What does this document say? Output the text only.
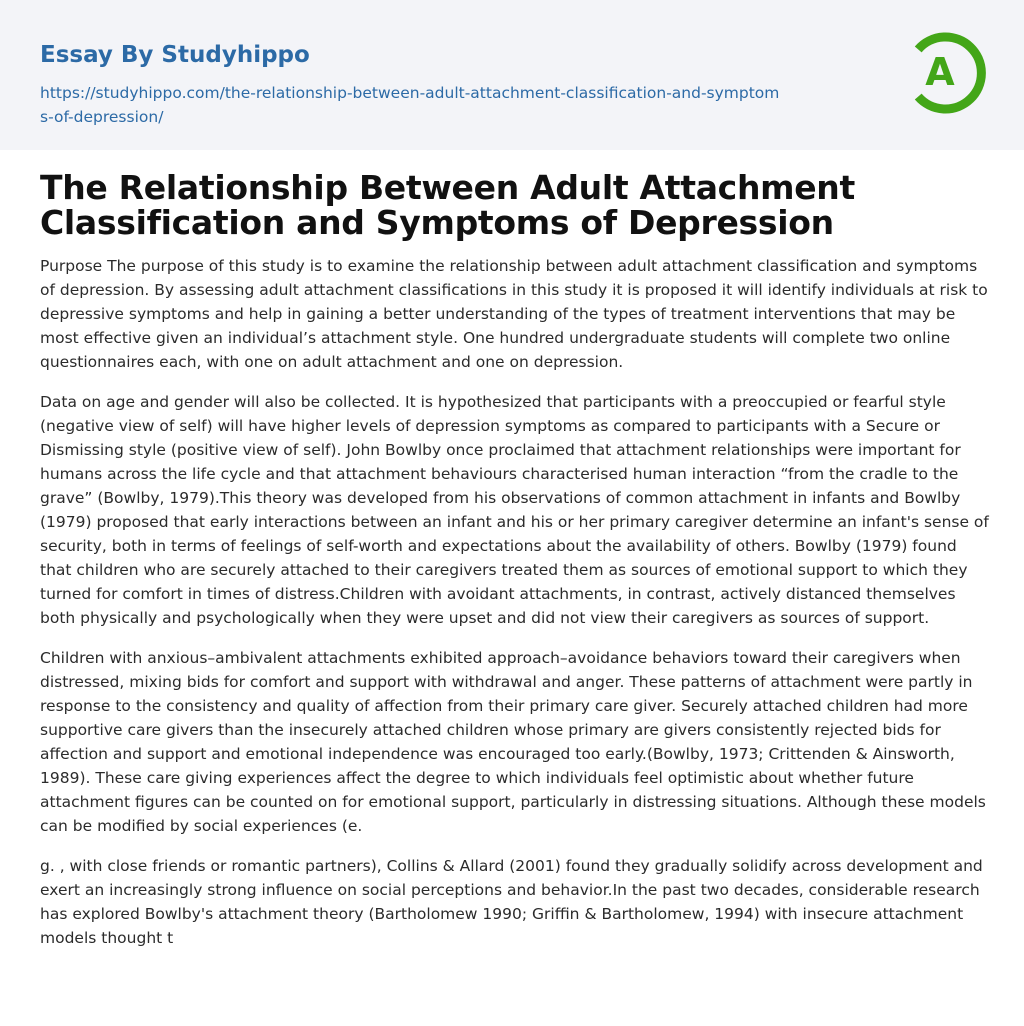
Essay By Studyhippo
https://studyhippo.com/the-relationship-between-adult-attachment-classification-and-symptoms-of-depression/
A
The Relationship Between Adult Attachment Classification and Symptoms of Depression

Purpose The purpose of this study is to examine the relationship between adult attachment classification and symptoms of depression. By assessing adult attachment classifications in this study it is proposed it will identify individuals at risk to depressive symptoms and help in gaining a better understanding of the types of treatment interventions that may be most effective given an individual’s attachment style. One hundred undergraduate students will complete two online questionnaires each, with one on adult attachment and one on depression.

Data on age and gender will also be collected. It is hypothesized that participants with a preoccupied or fearful style (negative view of self) will have higher levels of depression symptoms as compared to participants with a Secure or Dismissing style (positive view of self). John Bowlby once proclaimed that attachment relationships were important for humans across the life cycle and that attachment behaviours characterised human interaction “from the cradle to the grave” (Bowlby, 1979).This theory was developed from his observations of common attachment in infants and Bowlby (1979) proposed that early interactions between an infant and his or her primary caregiver determine an infant's sense of security, both in terms of feelings of self-worth and expectations about the availability of others. Bowlby (1979) found that children who are securely attached to their caregivers treated them as sources of emotional support to which they turned for comfort in times of distress.Children with avoidant attachments, in contrast, actively distanced themselves both physically and psychologically when they were upset and did not view their caregivers as sources of support.

Children with anxious–ambivalent attachments exhibited approach–avoidance behaviors toward their caregivers when distressed, mixing bids for comfort and support with withdrawal and anger. These patterns of attachment were partly in response to the consistency and quality of affection from their primary care giver. Securely attached children had more supportive care givers than the insecurely attached children whose primary are givers consistently rejected bids for affection and support and emotional independence was encouraged too early.(Bowlby, 1973; Crittenden & Ainsworth, 1989). These care giving experiences affect the degree to which individuals feel optimistic about whether future attachment figures can be counted on for emotional support, particularly in distressing situations. Although these models can be modified by social experiences (e.

g. , with close friends or romantic partners), Collins & Allard (2001) found they gradually solidify across development and exert an increasingly strong influence on social perceptions and behavior.In the past two decades, considerable research has explored Bowlby's attachment theory (Bartholomew 1990; Griffin & Bartholomew, 1994) with insecure attachment models thought t
